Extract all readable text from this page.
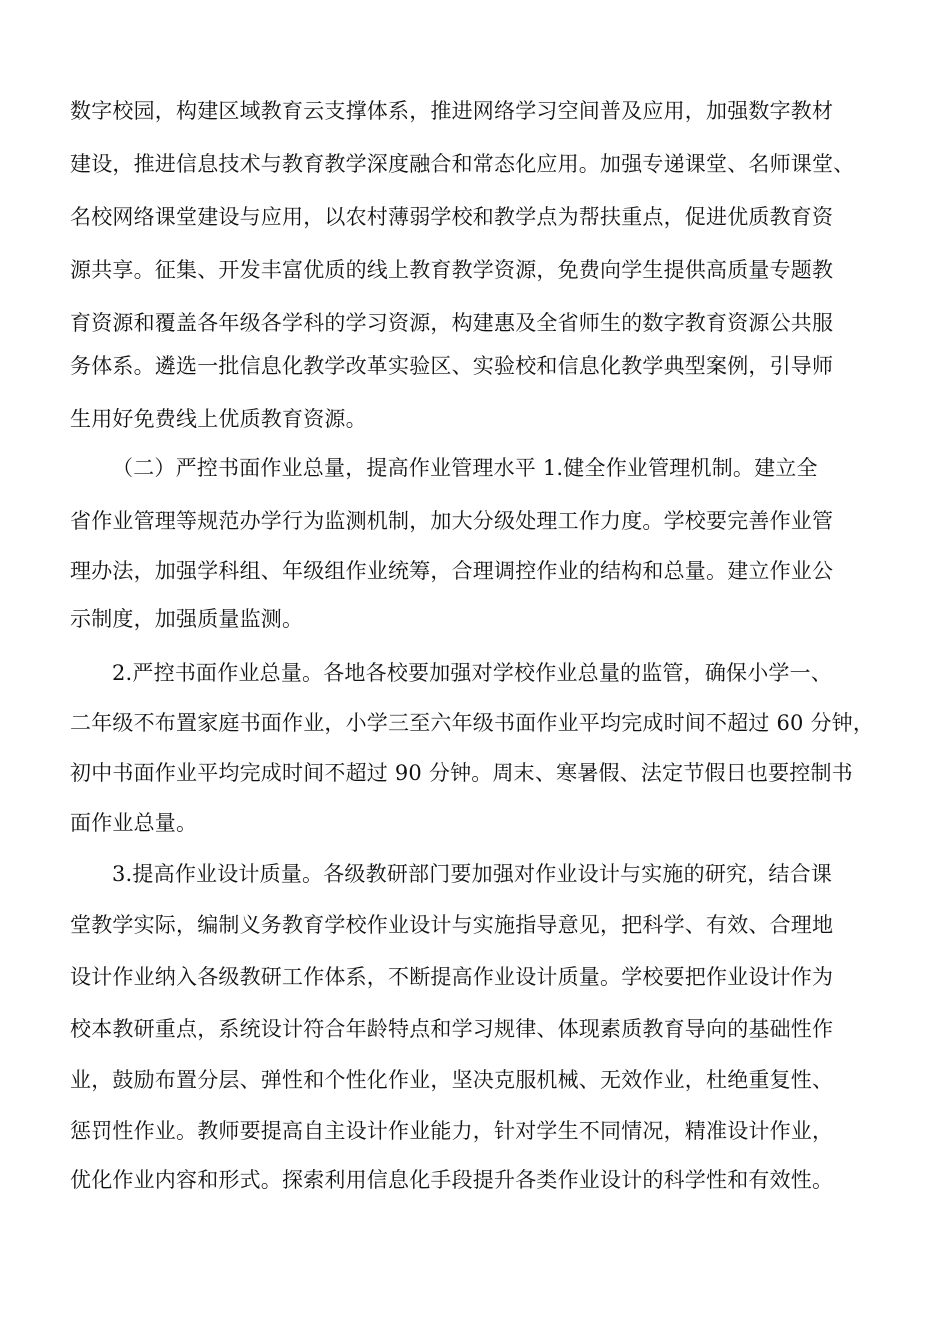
数字校园，构建区域教育云支撑体系，推进网络学习空间普及应用，加强数字教材
建设，推进信息技术与教育教学深度融合和常态化应用。加强专递课堂、名师课堂、
名校网络课堂建设与应用，以农村薄弱学校和教学点为帮扶重点，促进优质教育资
源共享。征集、开发丰富优质的线上教育教学资源，免费向学生提供高质量专题教
育资源和覆盖各年级各学科的学习资源，构建惠及全省师生的数字教育资源公共服
务体系。遴选一批信息化教学改革实验区、实验校和信息化教学典型案例，引导师
生用好免费线上优质教育资源。
（二）严控书面作业总量，提高作业管理水平 1.健全作业管理机制。建立全
省作业管理等规范办学行为监测机制，加大分级处理工作力度。学校要完善作业管
理办法，加强学科组、年级组作业统筹，合理调控作业的结构和总量。建立作业公
示制度，加强质量监测。
2.严控书面作业总量。各地各校要加强对学校作业总量的监管，确保小学一、
二年级不布置家庭书面作业，小学三至六年级书面作业平均完成时间不超过 60 分钟，
初中书面作业平均完成时间不超过 90 分钟。周末、寒暑假、法定节假日也要控制书
面作业总量。
3.提高作业设计质量。各级教研部门要加强对作业设计与实施的研究，结合课
堂教学实际，编制义务教育学校作业设计与实施指导意见，把科学、有效、合理地
设计作业纳入各级教研工作体系，不断提高作业设计质量。学校要把作业设计作为
校本教研重点，系统设计符合年龄特点和学习规律、体现素质教育导向的基础性作
业，鼓励布置分层、弹性和个性化作业，坚决克服机械、无效作业，杜绝重复性、
惩罚性作业。教师要提高自主设计作业能力，针对学生不同情况，精准设计作业，
优化作业内容和形式。探索利用信息化手段提升各类作业设计的科学性和有效性。
